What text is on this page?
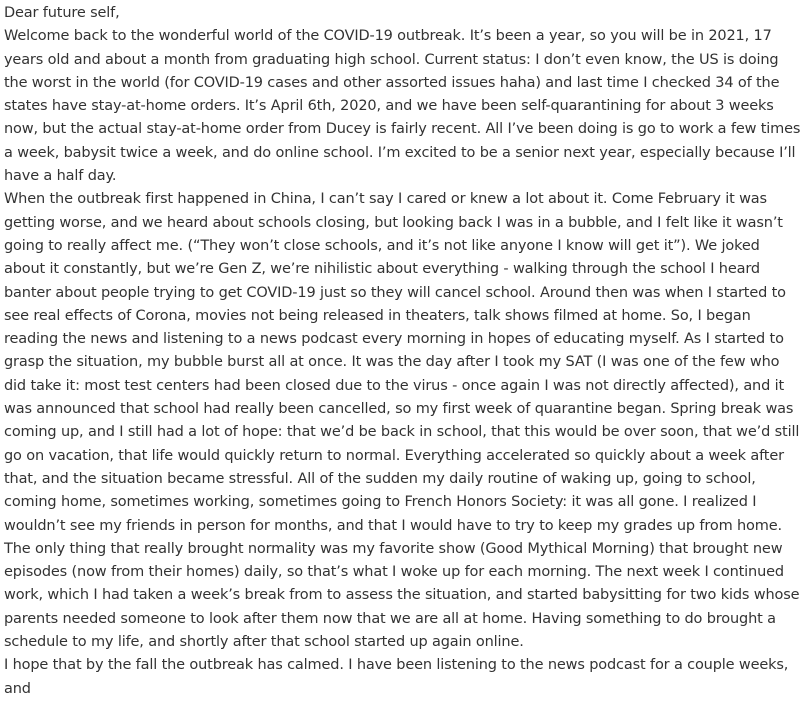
Dear future self,

Welcome back to the wonderful world of the COVID-19 outbreak. It’s been a year, so you will be in 2021, 17 years old and about a month from graduating high school. Current status: I don’t even know, the US is doing the worst in the world (for COVID-19 cases and other assorted issues haha) and last time I checked 34 of the states have stay-at-home orders. It’s April 6th, 2020, and we have been self-quarantining for about 3 weeks now, but the actual stay-at-home order from Ducey is fairly recent. All I’ve been doing is go to work a few times a week, babysit twice a week, and do online school. I’m excited to be a senior next year, especially because I’ll have a half day.

When the outbreak first happened in China, I can’t say I cared or knew a lot about it. Come February it was getting worse, and we heard about schools closing, but looking back I was in a bubble, and I felt like it wasn’t going to really affect me. (“They won’t close schools, and it’s not like anyone I know will get it”). We joked about it constantly, but we’re Gen Z, we’re nihilistic about everything - walking through the school I heard banter about people trying to get COVID-19 just so they will cancel school. Around then was when I started to see real effects of Corona, movies not being released in theaters, talk shows filmed at home. So, I began reading the news and listening to a news podcast every morning in hopes of educating myself. As I started to grasp the situation, my bubble burst all at once. It was the day after I took my SAT (I was one of the few who did take it: most test centers had been closed due to the virus - once again I was not directly affected), and it was announced that school had really been cancelled, so my first week of quarantine began. Spring break was coming up, and I still had a lot of hope: that we’d be back in school, that this would be over soon, that we’d still go on vacation, that life would quickly return to normal. Everything accelerated so quickly about a week after that, and the situation became stressful. All of the sudden my daily routine of waking up, going to school, coming home, sometimes working, sometimes going to French Honors Society: it was all gone. I realized I wouldn’t see my friends in person for months, and that I would have to try to keep my grades up from home. The only thing that really brought normality was my favorite show (Good Mythical Morning) that brought new episodes (now from their homes) daily, so that’s what I woke up for each morning. The next week I continued work, which I had taken a week’s break from to assess the situation, and started babysitting for two kids whose parents needed someone to look after them now that we are all at home. Having something to do brought a schedule to my life, and shortly after that school started up again online.

I hope that by the fall the outbreak has calmed. I have been listening to the news podcast for a couple weeks, and
